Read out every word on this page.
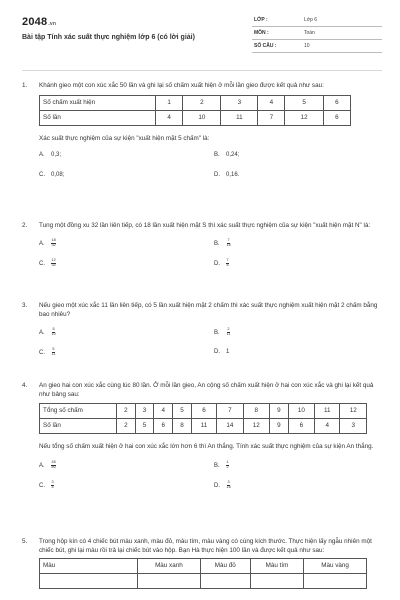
2048.vn
Bài tập Tính xác suất thực nghiệm lớp 6 (có lời giải)
LỚP :	Lớp 6
MÔN :	Toán
SỐ CÂU :	10
1. Khánh gieo một con xúc xắc 50 lần và ghi lại số chấm xuất hiện ở mỗi lần gieo được kết quả như sau:
Số chấm xuất hiện	1	2	3	4	5	6
Số lần	4	10	11	7	12	6
Xác suất thực nghiệm của sự kiện "xuất hiện mặt 5 chấm" là:
A. 0,3;	B. 0,24;
C. 0,08;	D. 0,16.
2. Tung một đồng xu 32 lần liên tiếp, có 18 lần xuất hiện mặt S thì xác suất thực nghiệm của sự kiện "xuất hiện mặt N" là:
A. $\frac{18}{32}$	B. $\frac{7}{16}$
C. $\frac{12}{32}$	D. $\frac{7}{8}$
3. Nếu gieo một xúc xắc 11 lần liên tiếp, có 5 lần xuất hiện mặt 2 chấm thì xác suất thực nghiệm xuất hiện mặt 2 chấm bằng bao nhiêu?
A. $\frac{5}{10}$	B. $\frac{2}{11}$
C. $\frac{5}{11}$	D. 1
4. An gieo hai con xúc xắc cùng lúc 80 lần. Ở mỗi lần gieo, An cộng số chấm xuất hiện ở hai con xúc xắc và ghi lại kết quả như bảng sau:
Tổng số chấm	2	3	4	5	6	7	8	9	10	11	12
Số lần	2	5	6	8	11	14	12	9	6	4	3
Nếu tổng số chấm xuất hiện ở hai con xúc xắc lớn hơn 6 thì An thắng. Tính xác suất thực nghiệm của sự kiện An thắng.
A. $\frac{45}{80}$	B. $\frac{1}{2}$
C. $\frac{3}{4}$	D. $\frac{3}{16}$
5. Trong hộp kín có 4 chiếc bút màu xanh, màu đỏ, màu tím, màu vàng có cùng kích thước. Thực hiện lấy ngẫu nhiên một chiếc bút, ghi lại màu rồi trả lại chiếc bút vào hộp. Bạn Hà thực hiện 100 lần và được kết quả như sau:
Màu	Màu xanh	Màu đỏ	Màu tím	Màu vàng
